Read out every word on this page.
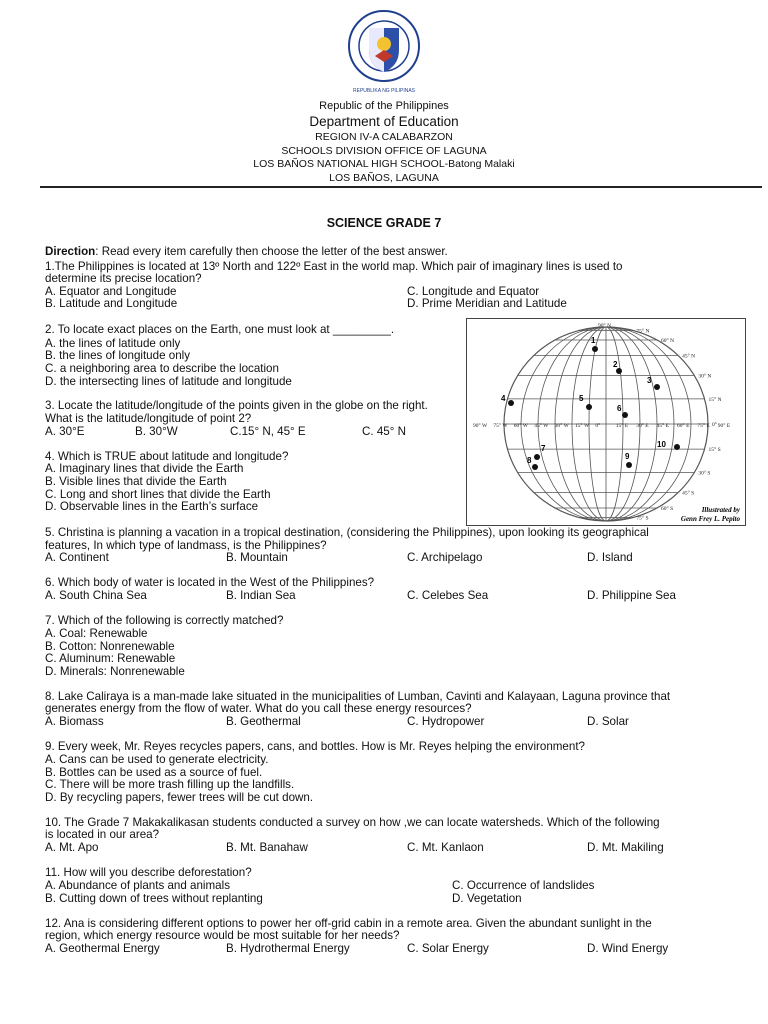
REPUBLIKA NG PILIPINAS
Republic of the Philippines
Department of Education
REGION IV-A CALABARZON
SCHOOLS DIVISION OFFICE OF LAGUNA
LOS BAÑOS NATIONAL HIGH SCHOOL-Batong Malaki
LOS BAÑOS, LAGUNA
SCIENCE GRADE 7
Direction: Read every item carefully then choose the letter of the best answer.
1.The Philippines is located at 13º North and 122º East in the world map. Which pair of imaginary lines is used to
determine its precise location?
A. Equator and Longitude	C. Longitude and Equator
B. Latitude and Longitude	D. Prime Meridian and Latitude
2. To locate exact places on the Earth, one must look at _________.
A. the lines of latitude only
B. the lines of longitude only
C. a neighboring area to describe the location
D. the intersecting lines of latitude and longitude
3. Locate the latitude/longitude of the points given in the globe on the right.
What is the latitude/longitude of point 2?
A. 30°E	B. 30°W	C.15° N, 45° E	C. 45° N
4. Which is TRUE about latitude and longitude?
A. Imaginary lines that divide the Earth
B. Visible lines that divide the Earth
C. Long and short lines that divide the Earth
D. Observable lines in the Earth’s surface
90° N
75° N
60° N
45° N
30° N
15° N
0°
15° S
30° S
45° S
60° S
75° S
90° W 75° W 60° W 45° W 30° W 15° W 0°	15° E 30° E 45° E 60° E 75° E 90° E
1
2
3
4	5
6
7
8	9
10
Illustrated by
Genn Frey L. Pepito
5. Christina is planning a vacation in a tropical destination, (considering the Philippines), upon looking its geographical
features, In which type of landmass, is the Philippines?
A. Continent	B. Mountain	C. Archipelago	D. Island
6. Which body of water is located in the West of the Philippines?
A. South China Sea	B. Indian Sea	C. Celebes Sea	D. Philippine Sea
7. Which of the following is correctly matched?
A. Coal: Renewable
B. Cotton: Nonrenewable
C. Aluminum: Renewable
D. Minerals: Nonrenewable
8. Lake Caliraya is a man-made lake situated in the municipalities of Lumban, Cavinti and Kalayaan, Laguna province that
generates energy from the flow of water. What do you call these energy resources?
A. Biomass	B. Geothermal	C. Hydropower	D. Solar
9. Every week, Mr. Reyes recycles papers, cans, and bottles. How is Mr. Reyes helping the environment?
A. Cans can be used to generate electricity.
B. Bottles can be used as a source of fuel.
C. There will be more trash filling up the landfills.
D. By recycling papers, fewer trees will be cut down.
10. The Grade 7 Makakalikasan students conducted a survey on how ,we can locate watersheds. Which of the following
is located in our area?
A. Mt. Apo	B. Mt. Banahaw	C. Mt. Kanlaon	D. Mt. Makiling
11. How will you describe deforestation?
A. Abundance of plants and animals	C. Occurrence of landslides
B. Cutting down of trees without replanting	D. Vegetation
12. Ana is considering different options to power her off-grid cabin in a remote area. Given the abundant sunlight in the
region, which energy resource would be most suitable for her needs?
A. Geothermal Energy	B. Hydrothermal Energy	C. Solar Energy	D. Wind Energy
